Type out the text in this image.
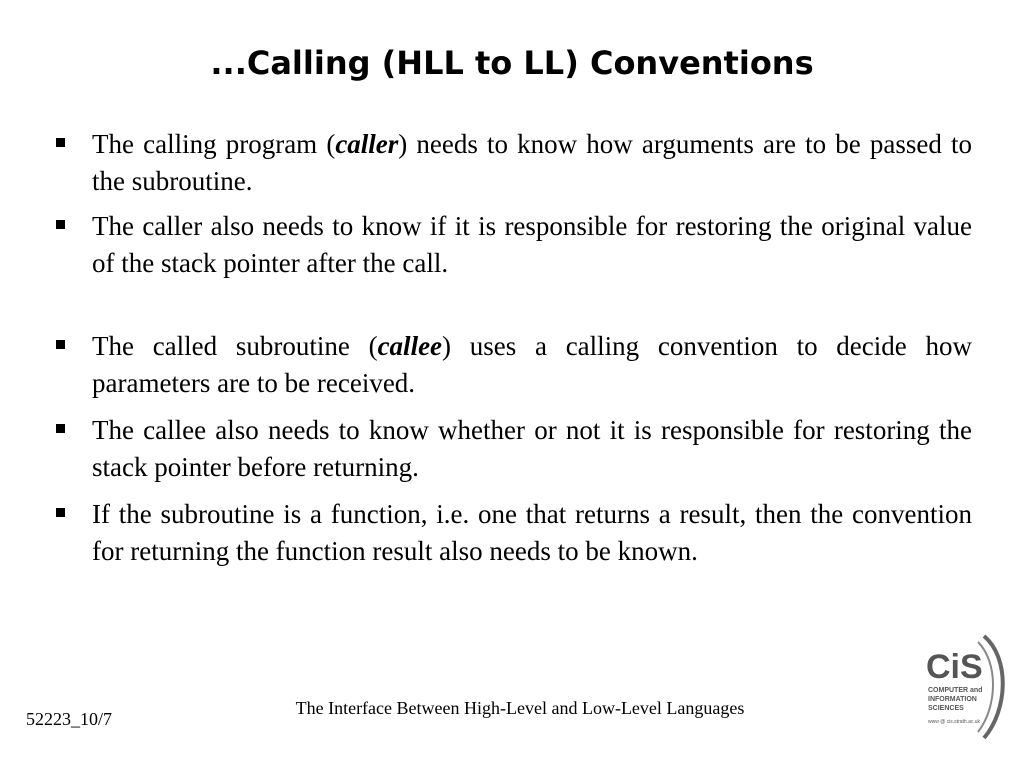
...Calling (HLL to LL) Conventions
The calling program (caller) needs to know how arguments are to be passed to the subroutine.
The caller also needs to know if it is responsible for restoring the original value of the stack pointer after the call.
The called subroutine (callee) uses a calling convention to decide how parameters are to be received.
The callee also needs to know whether or not it is responsible for restoring the stack pointer before returning.
If the subroutine is a function, i.e. one that returns a result, then the convention for returning the function result also needs to be known.
The Interface Between High-Level and Low-Level Languages
52223_10/7
CiS
COMPUTER and
INFORMATION
SCIENCES
www @ cis.strath.ac.uk
